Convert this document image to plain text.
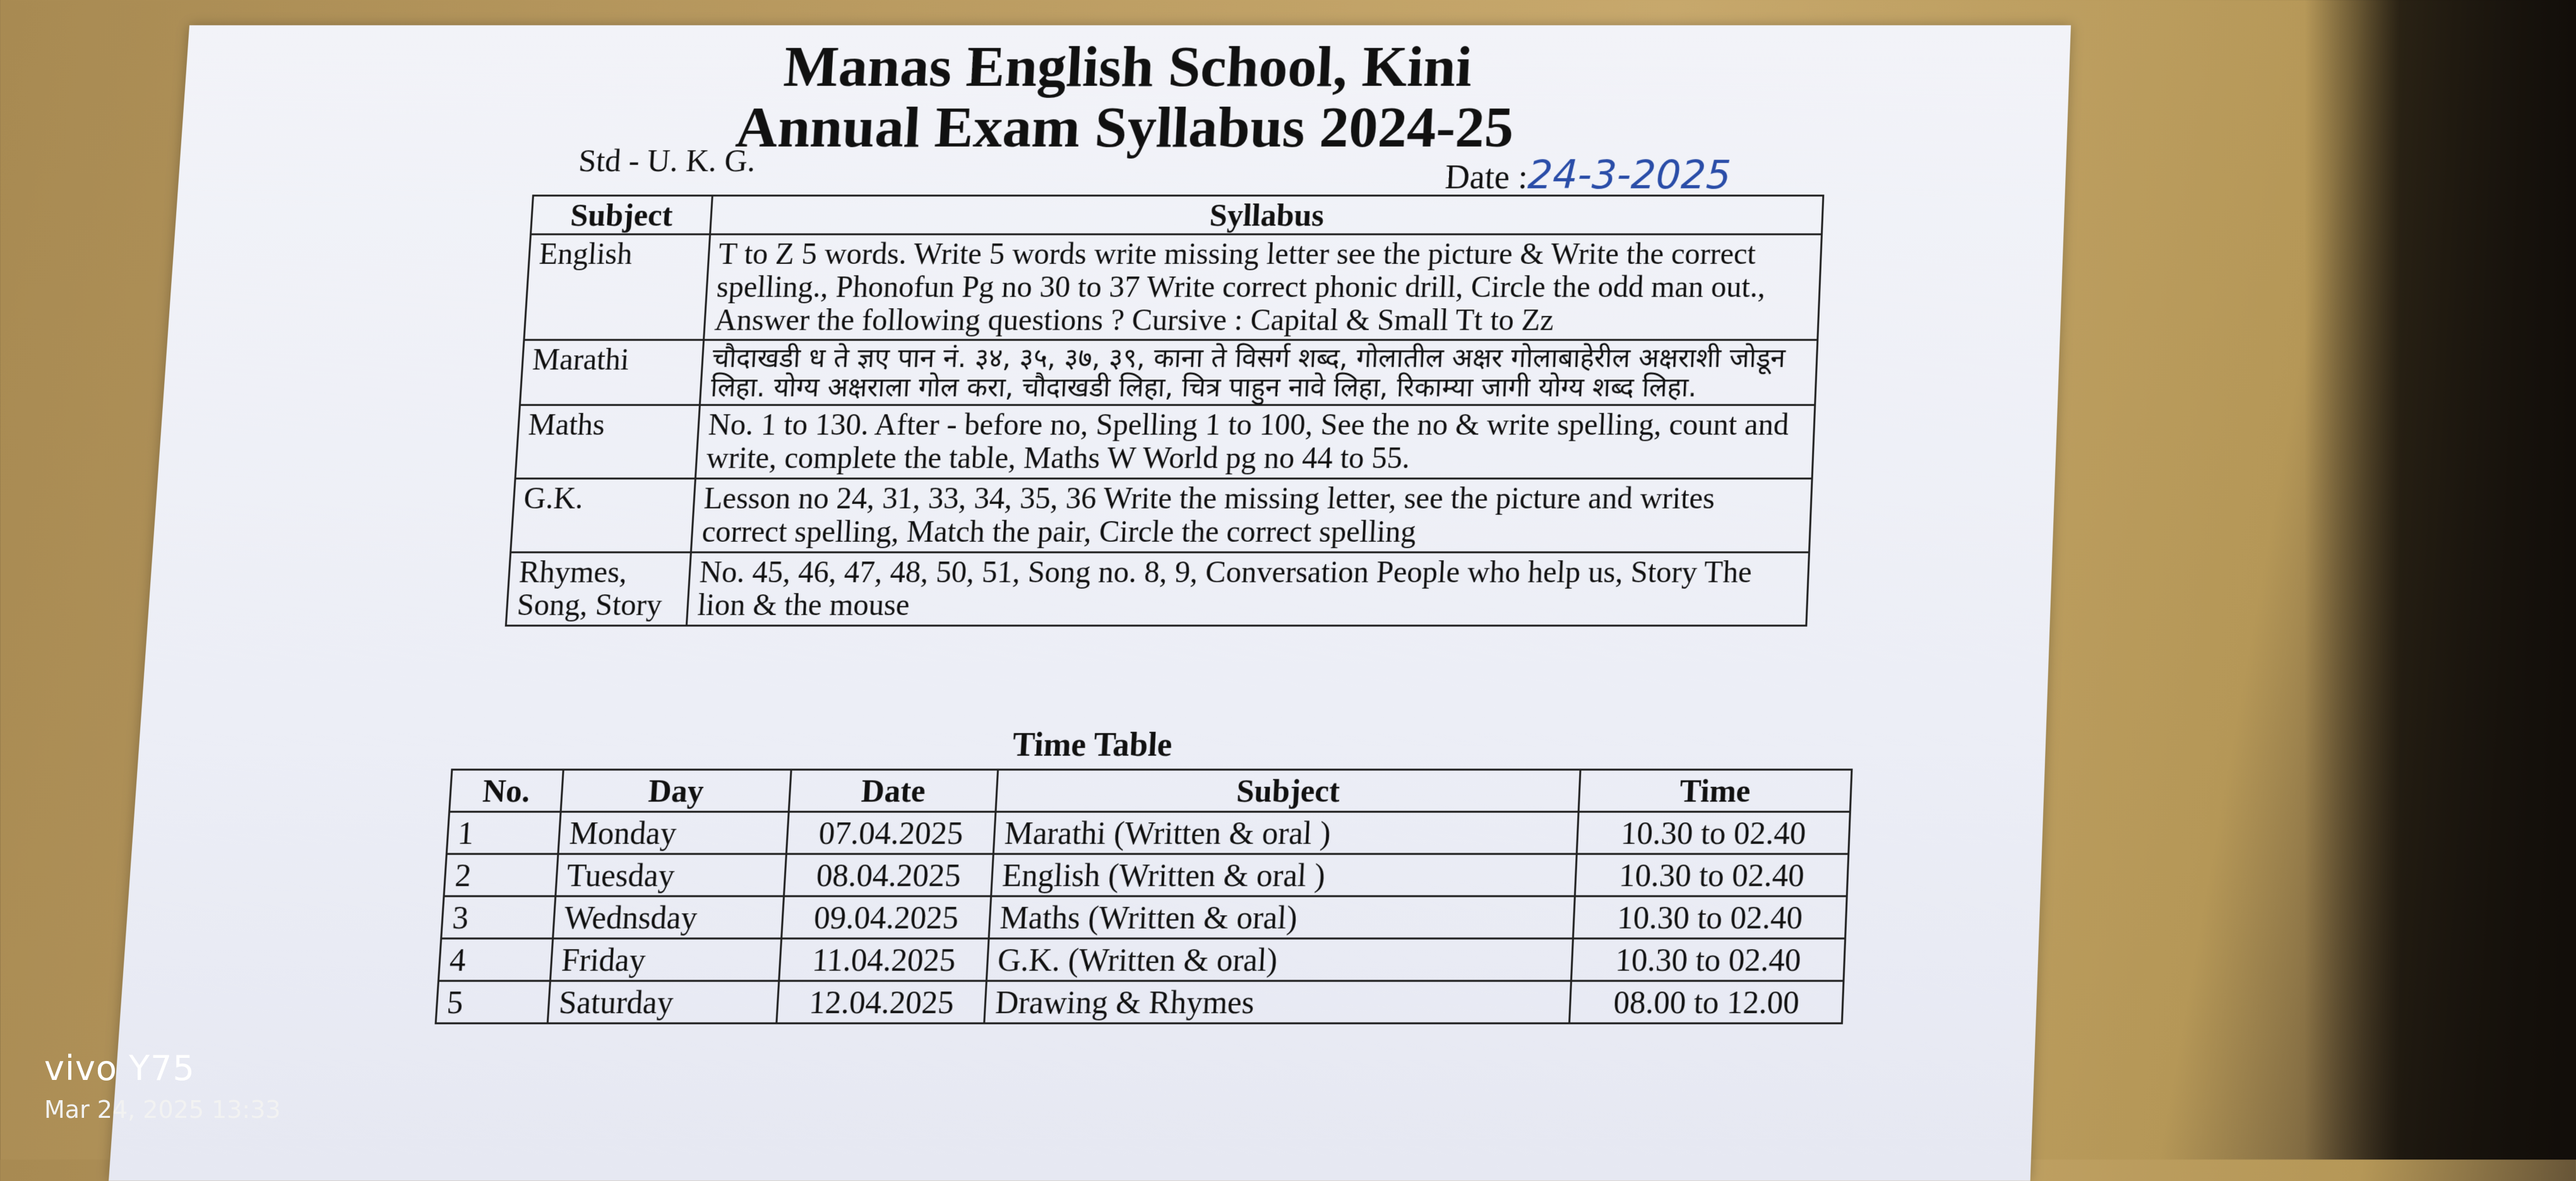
Manas English School, Kini
Annual Exam Syllabus 2024-25
Std - U. K. G.	Date :24-3-2025
Subject	Syllabus
English	T to Z 5 words. Write 5 words write missing letter see the picture & Write the correct spelling., Phonofun Pg no 30 to 37 Write correct phonic drill, Circle the odd man out., Answer the following questions ? Cursive : Capital & Small Tt to Zz
Marathi	चौदाखडी ध ते ज्ञए पान नं. ३४, ३५, ३७, ३९, काना ते विसर्ग शब्द, गोलातील अक्षर गोलाबाहेरील अक्षराशी जोडून लिहा. योग्य अक्षराला गोल करा, चौदाखडी लिहा, चित्र पाहुन नावे लिहा, रिकाम्या जागी योग्य शब्द लिहा.
Maths	No. 1 to 130. After - before no, Spelling 1 to 100, See the no & write spelling, count and write, complete the table, Maths W World pg no 44 to 55.
G.K.	Lesson no 24, 31, 33, 34, 35, 36 Write the missing letter, see the picture and writes correct spelling, Match the pair, Circle the correct spelling
Rhymes, Song, Story	No. 45, 46, 47, 48, 50, 51, Song no. 8, 9, Conversation People who help us, Story The lion & the mouse
Time Table
No.	Day	Date	Subject	Time
1	Monday	07.04.2025	Marathi (Written & oral )	10.30 to 02.40
2	Tuesday	08.04.2025	English (Written & oral )	10.30 to 02.40
3	Wednsday	09.04.2025	Maths (Written & oral)	10.30 to 02.40
4	Friday	11.04.2025	G.K. (Written & oral)	10.30 to 02.40
5	Saturday	12.04.2025	Drawing & Rhymes	08.00 to 12.00
vivo Y75
Mar 24, 2025 13:33
